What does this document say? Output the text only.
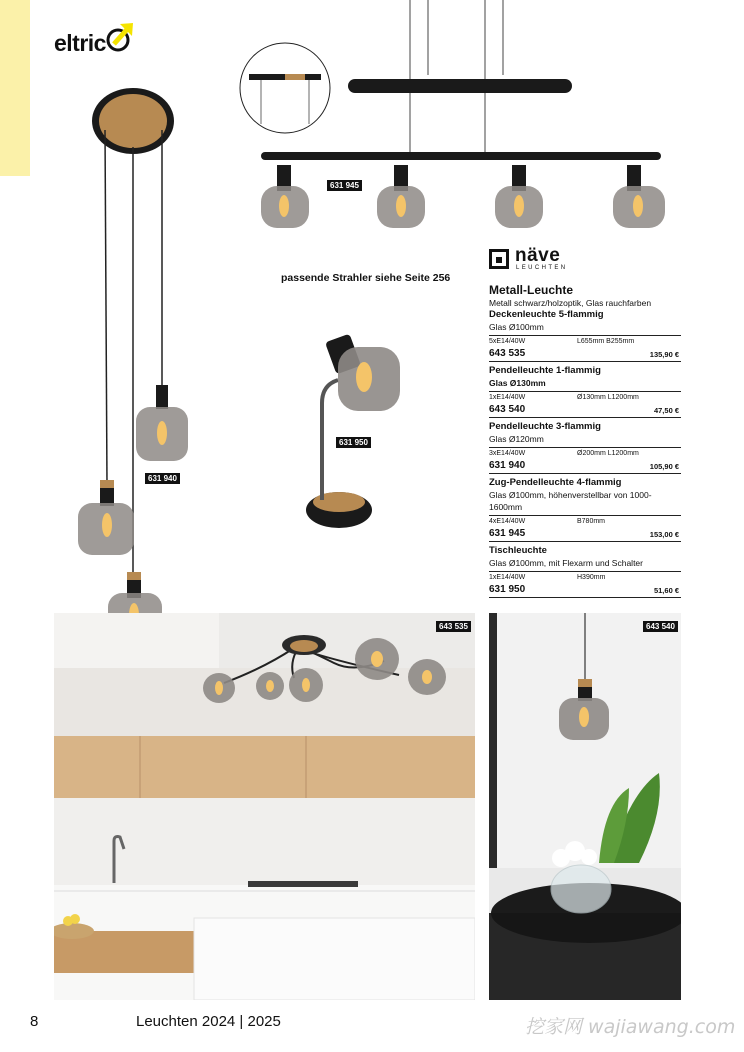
eltric
631 940
631 945
passende Strahler siehe Seite 256
631 950
näve
LEUCHTEN
Metall-Leuchte
Metall schwarz/holzoptik, Glas rauchfarben
Deckenleuchte 5-flammig
Glas Ø100mm
5xE14/40W	L655mm B255mm
643 535	135,90 €
Pendelleuchte 1-flammig
Glas Ø130mm
1xE14/40W	Ø130mm L1200mm
643 540	47,50 €
Pendelleuchte 3-flammig
Glas Ø120mm
3xE14/40W	Ø200mm L1200mm
631 940	105,90 €
Zug-Pendelleuchte 4-flammig
Glas Ø100mm, höhenverstellbar von 1000-1600mm
4xE14/40W	B780mm
631 945	153,00 €
Tischleuchte
Glas Ø100mm, mit Flexarm und Schalter
1xE14/40W	H390mm
631 950	51,60 €
643 535	643 540
8	Leuchten 2024 | 2025	挖家网 wajiawang.com
